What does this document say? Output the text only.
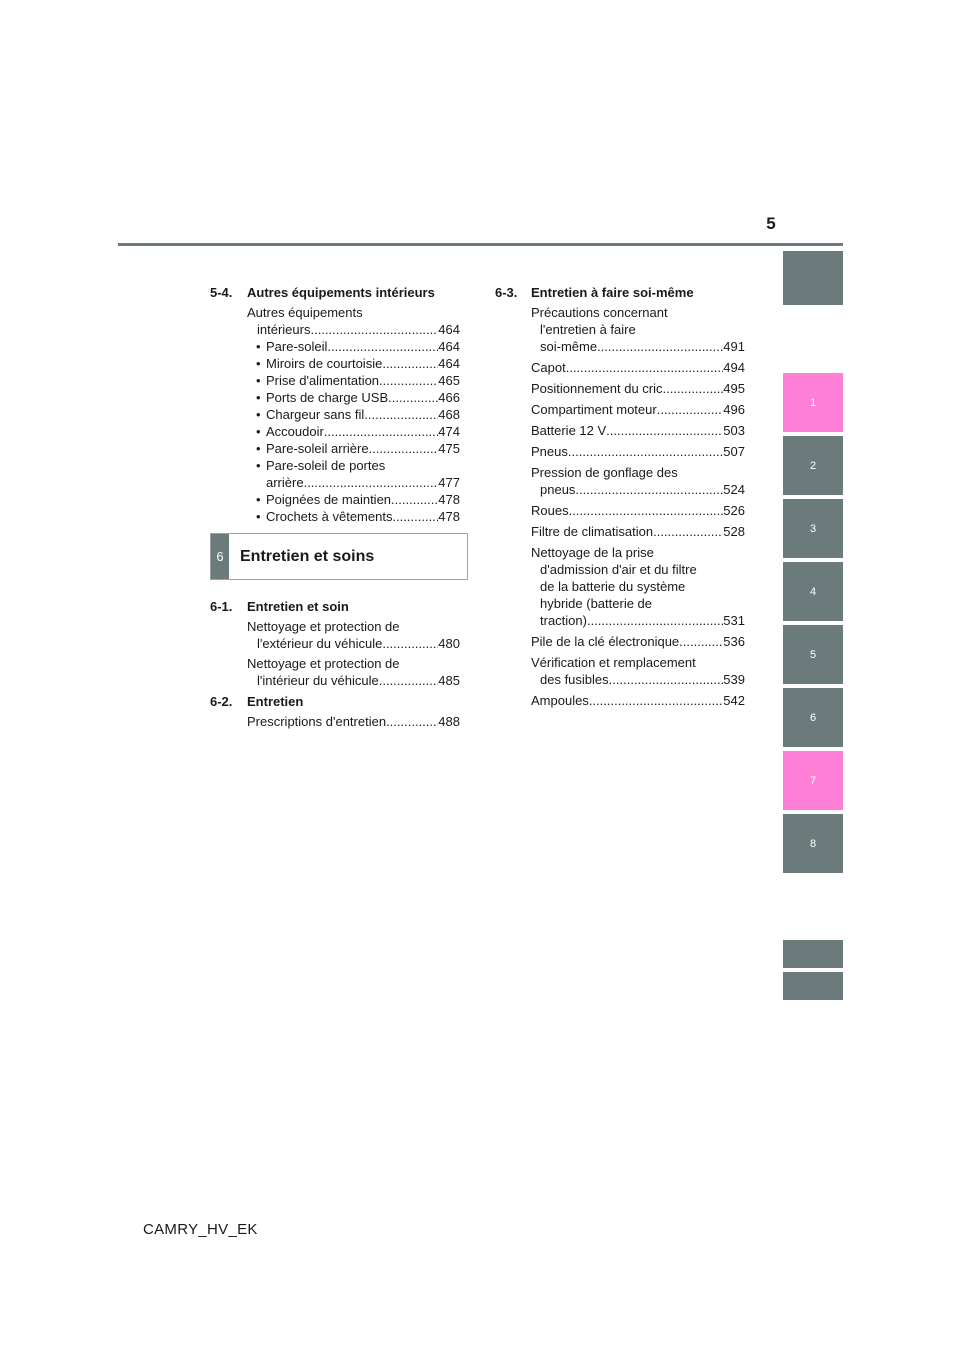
5
1
2
3
4
5
6
7
8
5-4.	Autres équipements intérieurs
Autres équipements
intérieurs .....	464
• Pare-soleil .....	464
• Miroirs de courtoisie .....	464
• Prise d'alimentation .....	465
• Ports de charge USB .....	466
• Chargeur sans fil .....	468
• Accoudoir .....	474
• Pare-soleil arrière .....	475
• Pare-soleil de portes
arrière .....	477
• Poignées de maintien .....	478
• Crochets à vêtements .....	478
6	Entretien et soins
6-1.	Entretien et soin
Nettoyage et protection de
l'extérieur du véhicule .....	480
Nettoyage et protection de
l'intérieur du véhicule .....	485
6-2.	Entretien
Prescriptions d'entretien .....	488
6-3.	Entretien à faire soi-même
Précautions concernant
l'entretien à faire
soi-même .....	491
Capot .....	494
Positionnement du cric .....	495
Compartiment moteur .....	496
Batterie 12 V .....	503
Pneus .....	507
Pression de gonflage des
pneus .....	524
Roues .....	526
Filtre de climatisation .....	528
Nettoyage de la prise
d'admission d'air et du filtre
de la batterie du système
hybride (batterie de
traction) .....	531
Pile de la clé électronique .....	536
Vérification et remplacement
des fusibles .....	539
Ampoules .....	542
CAMRY_HV_EK
